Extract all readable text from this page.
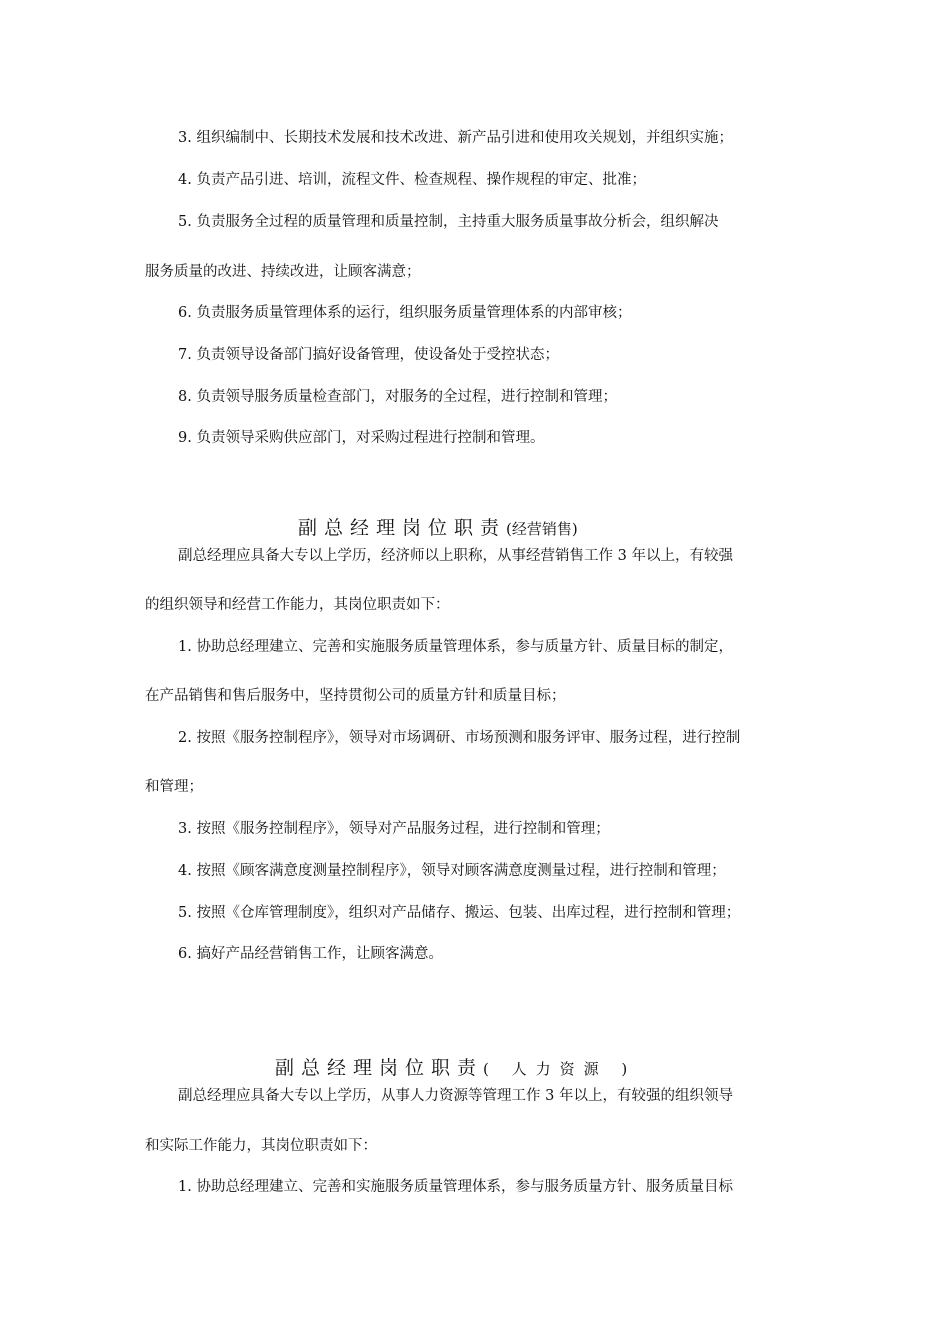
3. 组织编制中、长期技术发展和技术改进、新产品引进和使用攻关规划，并组织实施；
4. 负责产品引进、培训，流程文件、检查规程、操作规程的审定、批准；
5. 负责服务全过程的质量管理和质量控制，主持重大服务质量事故分析会，组织解决
服务质量的改进、持续改进，让顾客满意；
6. 负责服务质量管理体系的运行，组织服务质量管理体系的内部审核；
7. 负责领导设备部门搞好设备管理，使设备处于受控状态；
8. 负责领导服务质量检查部门，对服务的全过程，进行控制和管理；
9. 负责领导采购供应部门，对采购过程进行控制和管理。
副总经理岗位职责(经营销售)
副总经理应具备大专以上学历，经济师以上职称，从事经营销售工作 3 年以上，有较强
的组织领导和经营工作能力，其岗位职责如下：
1. 协助总经理建立、完善和实施服务质量管理体系，参与质量方针、质量目标的制定，
在产品销售和售后服务中，坚持贯彻公司的质量方针和质量目标；
2. 按照《服务控制程序》，领导对市场调研、市场预测和服务评审、服务过程，进行控制
和管理；
3. 按照《服务控制程序》，领导对产品服务过程，进行控制和管理；
4. 按照《顾客满意度测量控制程序》，领导对顾客满意度测量过程，进行控制和管理；
5. 按照《仓库管理制度》，组织对产品储存、搬运、包装、出库过程，进行控制和管理；
6. 搞好产品经营销售工作，让顾客满意。
副总经理岗位职责( 人力资源 )
副总经理应具备大专以上学历，从事人力资源等管理工作 3 年以上，有较强的组织领导
和实际工作能力，其岗位职责如下：
1. 协助总经理建立、完善和实施服务质量管理体系，参与服务质量方针、服务质量目标
